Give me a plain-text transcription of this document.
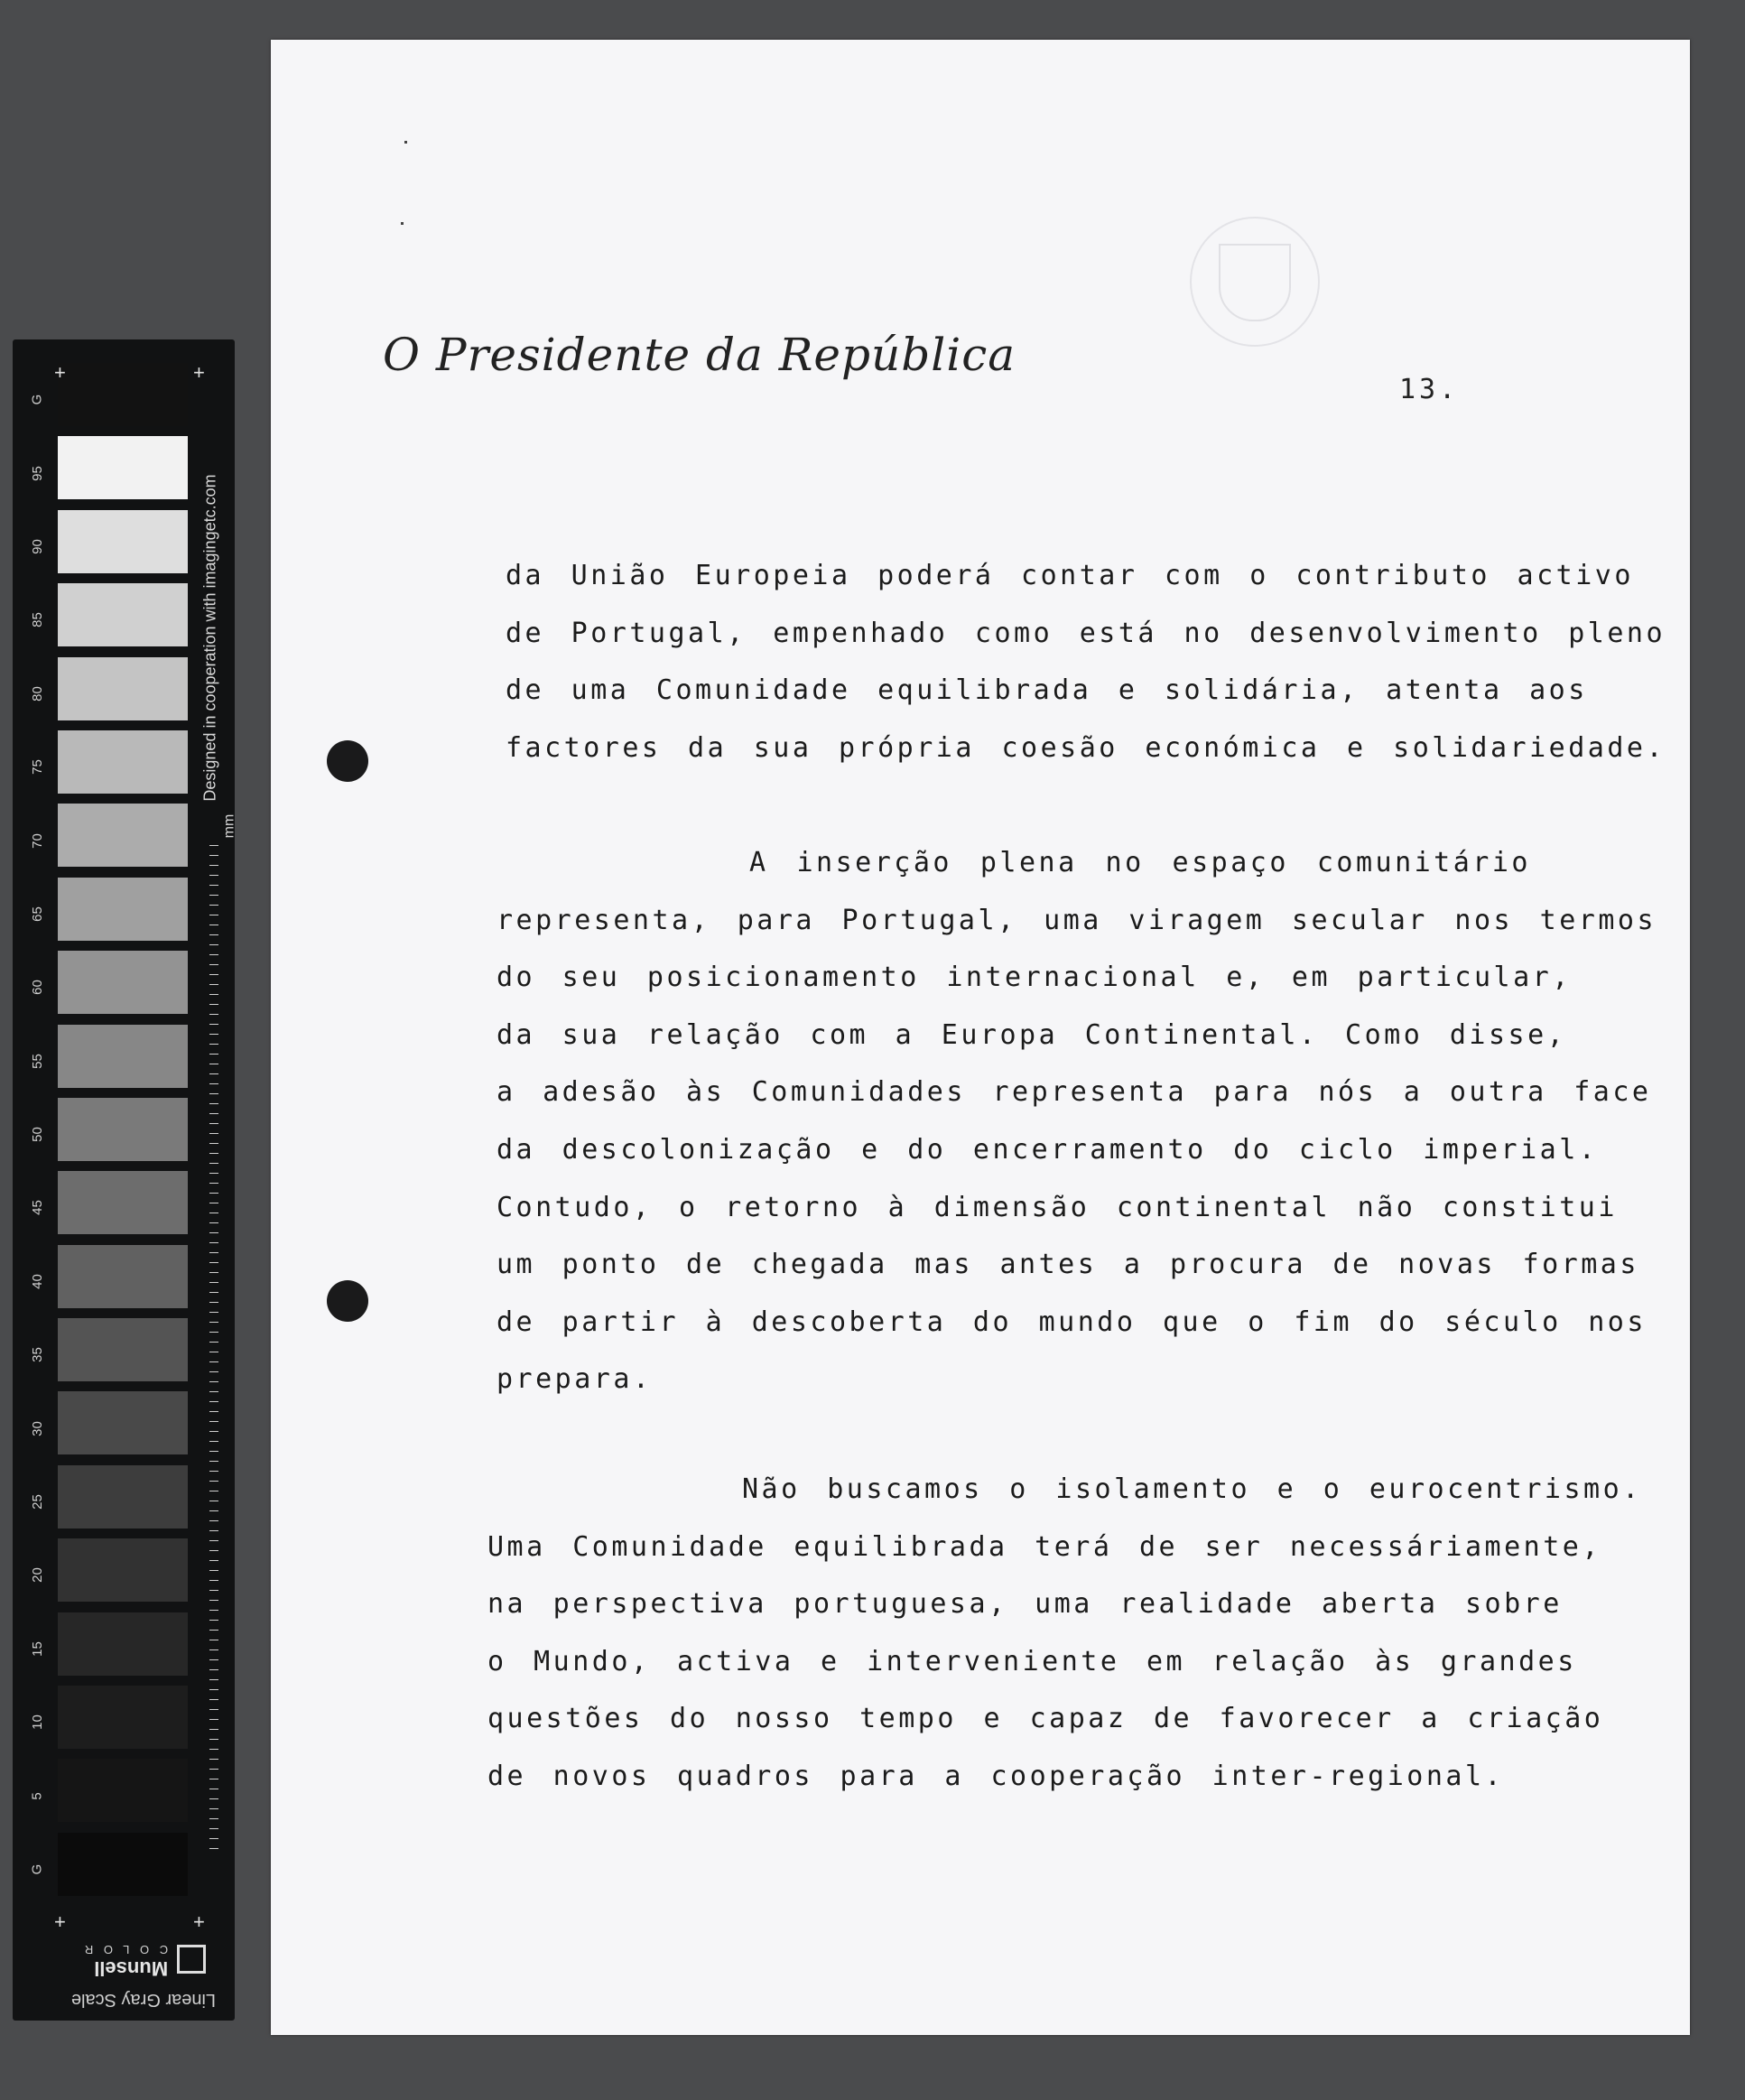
G
95
90
85
80
75
70
65
60
55
50
45
40
35
30
25
20
15
10
5
G
+	+
+	+
Designed in cooperation with imagingetc.com
mm
Linear Gray Scale
Munsell
C O L O R
O Presidente da República
13.
da União Europeia poderá contar com o contributo activo
de Portugal, empenhado como está no desenvolvimento pleno
de uma Comunidade equilibrada e solidária, atenta aos
factores da sua própria coesão económica e solidariedade.
A inserção plena no espaço comunitário
representa, para Portugal, uma viragem secular nos termos
do seu posicionamento internacional e, em particular,
da sua relação com a Europa Continental. Como disse,
a adesão às Comunidades representa para nós a outra face
da descolonização e do encerramento do ciclo imperial.
Contudo, o retorno à dimensão continental não constitui
um ponto de chegada mas antes a procura de novas formas
de partir à descoberta do mundo que o fim do século nos
prepara.
Não buscamos o isolamento e o eurocentrismo.
Uma Comunidade equilibrada terá de ser necessáriamente,
na perspectiva portuguesa, uma realidade aberta sobre
o Mundo, activa e interveniente em relação às grandes
questões do nosso tempo e capaz de favorecer a criação
de novos quadros para a cooperação inter-regional.
